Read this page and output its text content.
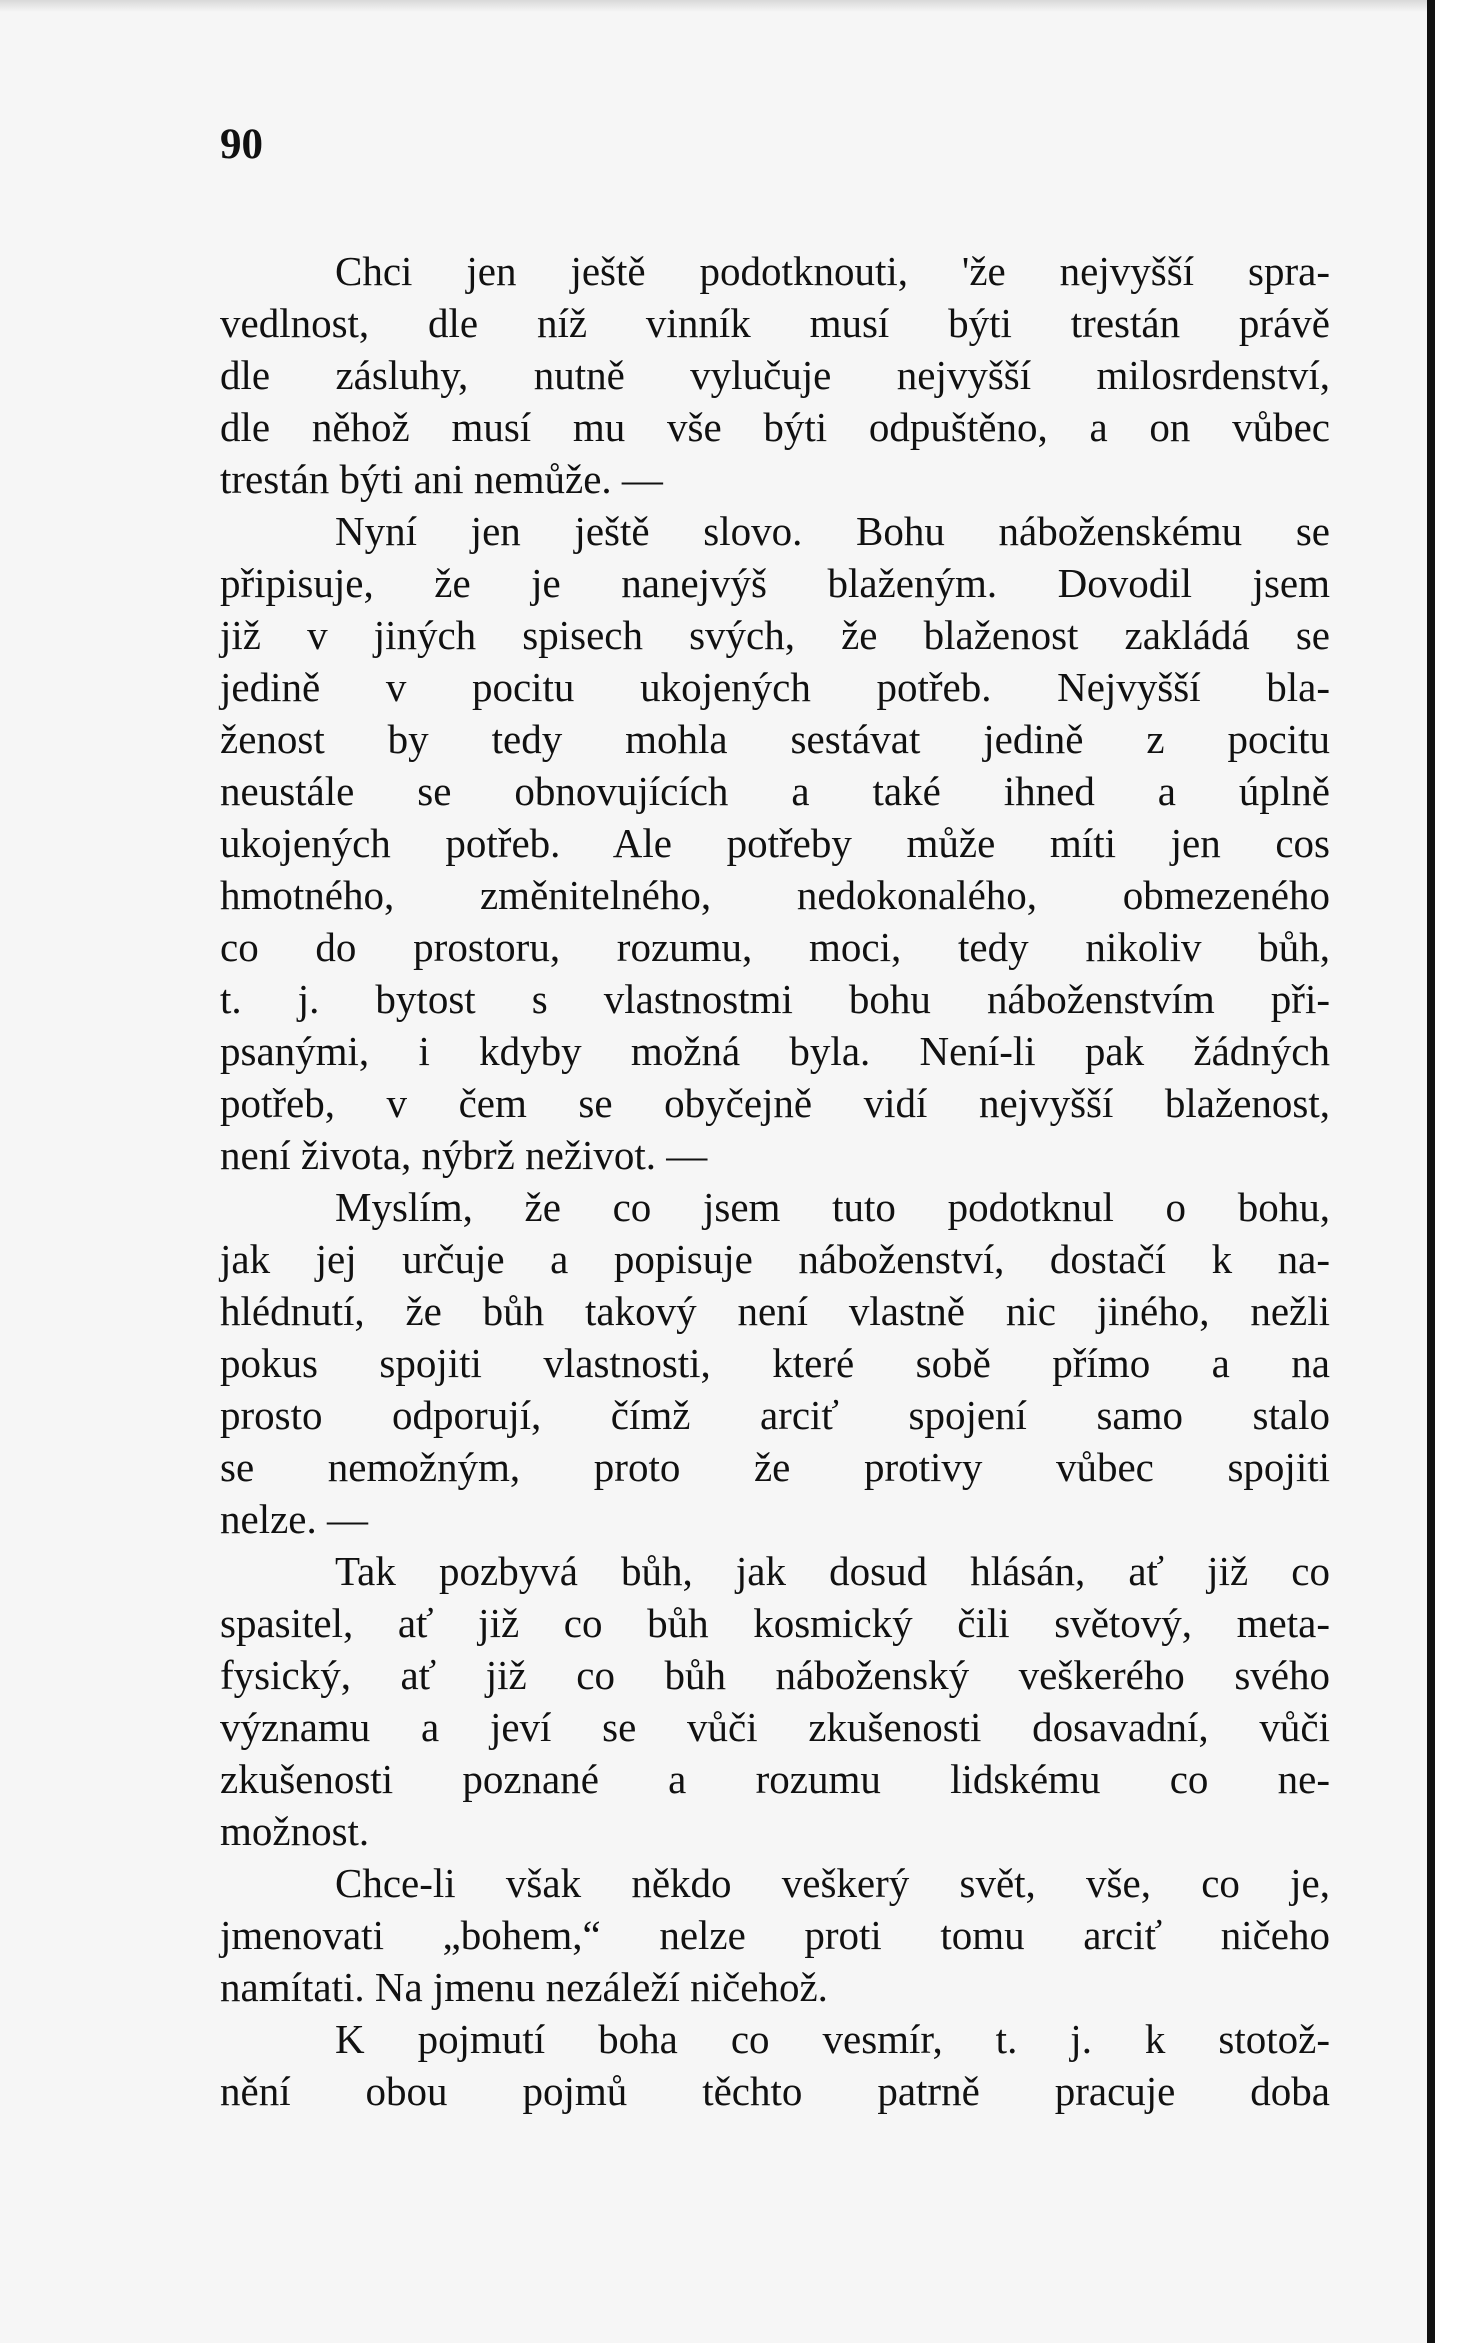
90
Chci jen ještě podotknouti, 'že nejvyšší spra-
vedlnost, dle níž vinník musí býti trestán právě
dle zásluhy, nutně vylučuje nejvyšší milosrdenství,
dle něhož musí mu vše býti odpuštěno, a on vůbec
trestán býti ani nemůže. —
Nyní jen ještě slovo. Bohu náboženskému se
připisuje, že je nanejvýš blaženým. Dovodil jsem
již v jiných spisech svých, že blaženost zakládá se
jedině v pocitu ukojených potřeb. Nejvyšší bla-
ženost by tedy mohla sestávat jedině z pocitu
neustále se obnovujících a také ihned a úplně
ukojených potřeb. Ale potřeby může míti jen cos
hmotného, změnitelného, nedokonalého, obmezeného
co do prostoru, rozumu, moci, tedy nikoliv bůh,
t. j. bytost s vlastnostmi bohu náboženstvím při-
psanými, i kdyby možná byla. Není-li pak žádných
potřeb, v čem se obyčejně vidí nejvyšší blaženost,
není života, nýbrž neživot. —
Myslím, že co jsem tuto podotknul o bohu,
jak jej určuje a popisuje náboženství, dostačí k na-
hlédnutí, že bůh takový není vlastně nic jiného, nežli
pokus spojiti vlastnosti, které sobě přímo a na
prosto odporují, čímž arciť spojení samo stalo
se nemožným, proto že protivy vůbec spojiti
nelze. —
Tak pozbyvá bůh, jak dosud hlásán, ať již co
spasitel, ať již co bůh kosmický čili světový, meta-
fysický, ať již co bůh náboženský veškerého svého
významu a jeví se vůči zkušenosti dosavadní, vůči
zkušenosti poznané a rozumu lidskému co ne-
možnost.
Chce-li však někdo veškerý svět, vše, co je,
jmenovati „bohem,“ nelze proti tomu arciť ničeho
namítati. Na jmenu nezáleží ničehož.
K pojmutí boha co vesmír, t. j. k stotož-
nění obou pojmů těchto patrně pracuje doba
